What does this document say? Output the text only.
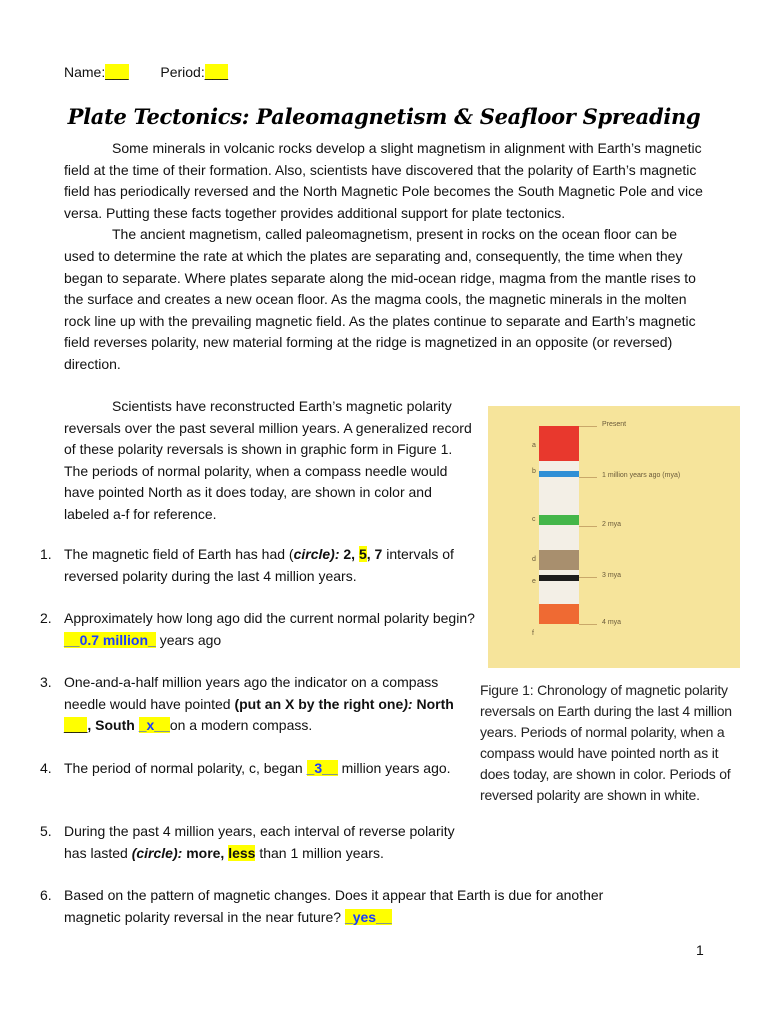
Name:___ Period:___
Plate Tectonics: Paleomagnetism & Seafloor Spreading

Some minerals in volcanic rocks develop a slight magnetism in alignment with Earth’s magnetic field at the time of their formation. Also, scientists have discovered that the polarity of Earth’s magnetic field has periodically reversed and the North Magnetic Pole becomes the South Magnetic Pole and vice versa. Putting these facts together provides additional support for plate tectonics.

The ancient magnetism, called paleomagnetism, present in rocks on the ocean floor can be used to determine the rate at which the plates are separating and, consequently, the time when they began to separate. Where plates separate along the mid-ocean ridge, magma from the mantle rises to the surface and creates a new ocean floor. As the magma cools, the magnetic minerals in the molten rock line up with the prevailing magnetic field. As the plates continue to separate and Earth’s magnetic field reverses polarity, new material forming at the ridge is magnetized in an opposite (or reversed) direction.

Scientists have reconstructed Earth’s magnetic polarity reversals over the past several million years. A generalized record of these polarity reversals is shown in graphic form in Figure 1. The periods of normal polarity, when a compass needle would have pointed North as it does today, are shown in color and labeled a-f for reference.

a
b
c
d
e
f
Present
1 million years ago (mya)
2 mya
3 mya
4 mya
Figure 1: Chronology of magnetic polarity reversals on Earth during the last 4 million years. Periods of normal polarity, when a compass would have pointed north as it does today, are shown in color. Periods of reversed polarity are shown in white.
1. The magnetic field of Earth has had (circle): 2, 5, 7 intervals of reversed polarity during the last 4 million years.
2. Approximately how long ago did the current normal polarity begin? __0.7 million_ years ago
3. One-and-a-half million years ago the indicator on a compass needle would have pointed (put an X by the right one): North ___, South _x__on a modern compass.
4. The period of normal polarity, c, began _3__ million years ago.
5. During the past 4 million years, each interval of reverse polarity has lasted (circle): more, less than 1 million years.
6. Based on the pattern of magnetic changes. Does it appear that Earth is due for another magnetic polarity reversal in the near future? _yes__
1
